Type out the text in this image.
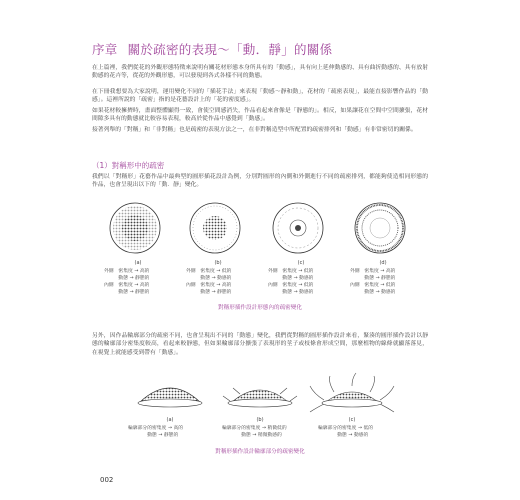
序章 關於疏密的表現～「動．靜」的關係
在上篇裡，我們從花的外觀形態特徵來說明有關花材形態本身所具有的「動感」，具有向上延伸動感的、具有曲折動感的、具有放射動感的花卉等，從花的外觀形態，可以發現到各式各樣不同的動態。
在下冊我想要為大家說明，運用變化不同的「插花手法」來表現「動感～靜和動」，花材的「疏密表現」，最能直接影響作品的「動感」。這裡所說的「疏密」指的是花藝設計上的「花的密度感」。
如果花材較擁擠時，畫面整體顯得一致，會使空間感消失，作品看起來會像是「靜態的」。相反，如果讓花在空間中空間擴張，花材間隙多具有的動態就比較容易表現，較高於從作品中感覺到「動感」。
接著列舉的「對稱」和「非對稱」也是疏密的表現方法之一，在非對稱造型中所配置的疏密排列和「動感」有非常密切的關係。
（1）對稱形中的疏密
我們以「對稱形」花藝作品中最典型的圓形插花設計為例，分別對圓形的內側和外側進行不同的疏密排列，都能夠使造相同形態的作品，也會呈現出以下的「動．靜」變化。
(a)	(b)	(c)	(d)
外側　密集度 → 高的
　　　動態 → 靜態的
內側　密集度 → 高的
　　　動態 → 靜態的
外側　密集度 → 低的
　　　動態 → 動感的
內側　密集度 → 高的
　　　動態 → 靜態的
外側　密集度 → 低的
　　　動態 → 動感的
內側　密集度 → 低的
　　　動態 → 動感的
外側　密集度 → 高的
　　　動態 → 靜態的
內側　密集度 → 低的
　　　動態 → 動感的
對稱形插作設計形態內的疏密變化
另外，因作品輪廓部分的疏密不同，也會呈現出不同的「動態」變化，我們從對稱的圓形插作設計來看，緊湊的圓形插作設計以靜態的輪廓部分密集度較高，看起來較靜態，但如果輪廓部分擴張了表現形的莖子或枝條會形成空間，那麼植物的線條就顯落落見，在視覺上就能感受到帶有「動感」。
(a)	(b)	(c)
輪廓部分的密集度 → 高的
　　　　動態 → 靜態的
輪廓部分的密集度 → 稍微低的
　　　　動態 → 稍微動感的
輪廓部分的密集度 → 低的
　　　　動態 → 動感的
對稱形插作設計輪廓部分的疏密變化
002
